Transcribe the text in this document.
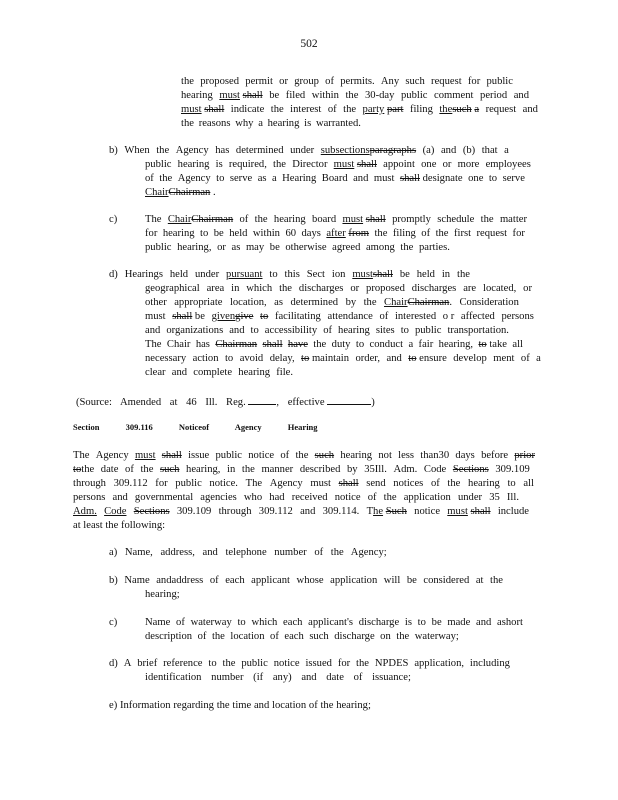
502
the proposed permit or group of permits. Any such request for public
hearing must shall be filed within the 30-day public comment period and
must shall indicate the interest of the party part filing thesuch a request and
the reasons why a hearing is warranted.
b) When the Agency has determined under subsectionsparagraphs (a) and (b) that a
public hearing is required, the Director must shall appoint one or more employees
of the Agency to serve as a Hearing Board and must shall designate one to serve
ChairChairman .
c)	The ChairChairman of the hearing board must shall promptly schedule the matter
for hearing to be held within 60 days after from the filing of the first request for
public hearing, or as may be otherwise agreed among the parties.
d) Hearings held under pursuant to this Sect ion mustshall be held in the
geographical area in which the discharges or proposed discharges are located, or
other appropriate location, as determined by the ChairChairman. Consideration
must shall be givengive to facilitating attendance of interested o r affected persons
and organizations and to accessibility of hearing sites to public transportation.
The Chair has Chairman shall have the duty to conduct a fair hearing, to take all
necessary action to avoid delay, to maintain order, and to ensure develop ment of a
clear and complete hearing file.
(Source: Amended at 46 Ill. Reg.	, effective	)
Section	309.116	Noticeof	Agency	Hearing
The Agency must shall issue public notice of the such hearing not less than30 days before prior
tothe date of the such hearing, in the manner described by 35Ill. Adm. Code Sections 309.109
through 309.112 for public notice. The Agency must shall send notices of the hearing to all
persons and governmental agencies who had received notice of the application under 35 Ill.
Adm. Code Sections 309.109 through 309.112 and 309.114. The Such notice must shall include
at least the following:
a) Name, address, and telephone number of the Agency;
b) Name andaddress of each applicant whose application will be considered at the
hearing;
c)	Name of waterway to which each applicant's discharge is to be made and ashort
description of the location of each such discharge on the waterway;
d) A brief reference to the public notice issued for the NPDES application, including
identification number (if any) and date of issuance;
e) Information regarding the time and location of the hearing;
